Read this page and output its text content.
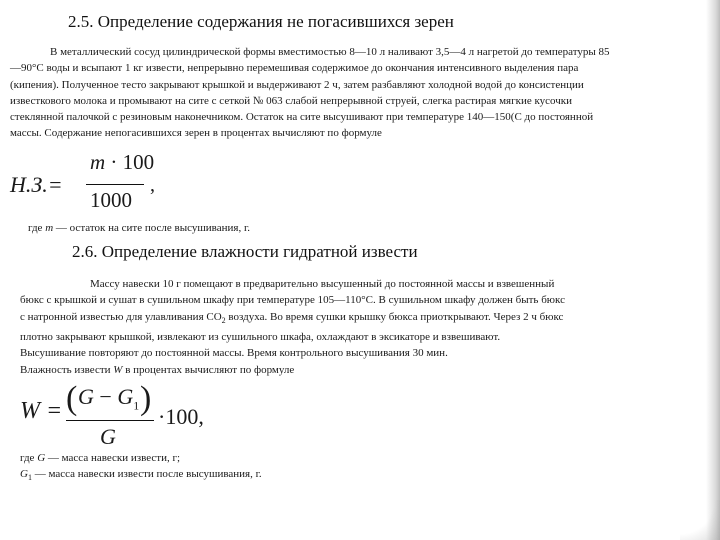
2.5. Определение содержания не погасившихся зерен
В металлический сосуд цилиндрической формы вместимостью 8—10 л наливают 3,5—4 л нагретой до температуры 85
—90°С воды и всыпают 1 кг извести, непрерывно перемешивая содержимое до окончания интенсивного выделения пара
(кипения). Полученное тесто закрывают крышкой и выдерживают 2 ч, затем разбавляют холодной водой до консистенции
известкового молока и промывают на сите с сеткой № 063 слабой непрерывной струей, слегка растирая мягкие кусочки
стеклянной палочкой с резиновым наконечником. Остаток на сите высушивают при температуре 140—150(С до постоянной
массы. Содержание непогасившихся зерен в процентах вычисляют по формуле
Н.З.=
m · 100
1000
,
где m — остаток на сите после высушивания, г.
2.6. Определение влажности гидратной извести
Массу навески 10 г помещают в предварительно высушенный до постоянной массы и взвешенный
бюкс с крышкой и сушат в сушильном шкафу при температуре 105—110°С. В сушильном шкафу должен быть бюкс
с натронной известью для улавливания $СО_2$ воздуха. Во время сушки крышку бюкса приоткрывают. Через 2 ч бюкс
плотно закрывают крышкой, извлекают из сушильного шкафа, охлаждают в эксикаторе и взвешивают.
Высушивание повторяют до постоянной массы. Время контрольного высушивания 30 мин.
Влажность извести W в процентах вычисляют по формуле
W = ( $G - G_1$ )
G
·100,
где G — масса навески извести, г;
$G_1$ — масса навески извести после высушивания, г.
